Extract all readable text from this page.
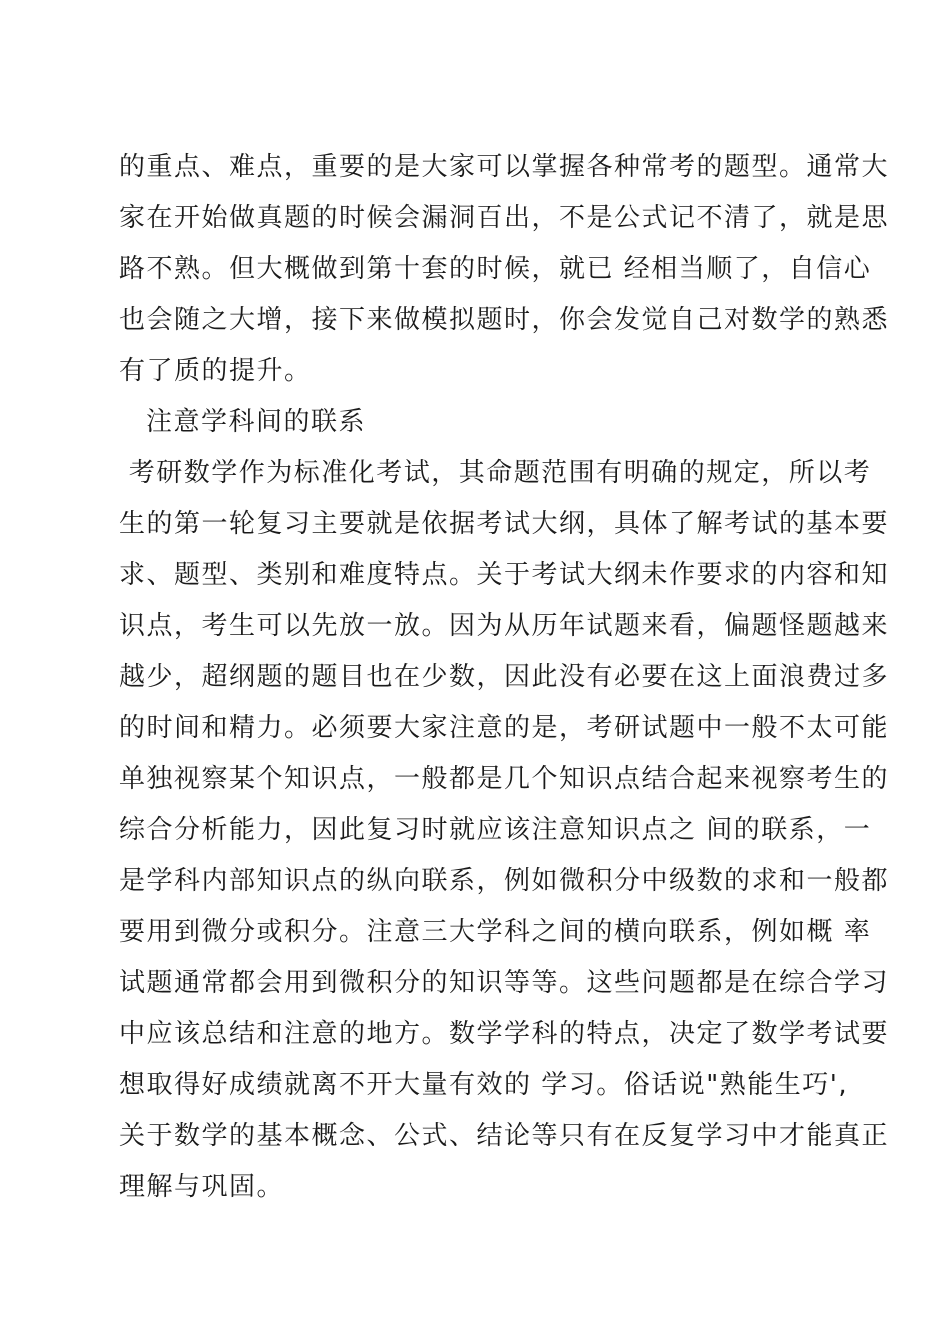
的重点、难点，重要的是大家可以掌握各种常考的题型。通常大

家在开始做真题的时候会漏洞百出，不是公式记不清了，就是思

路不熟。但大概做到第十套的时候，就已 经相当顺了，自信心

也会随之大增，接下来做模拟题时，你会发觉自己对数学的熟悉

有了质的提升。

注意学科间的联系

考研数学作为标准化考试，其命题范围有明确的规定，所以考

生的第一轮复习主要就是依据考试大纲，具体了解考试的基本要

求、题型、类别和难度特点。关于考试大纲未作要求的内容和知

识点，考生可以先放一放。因为从历年试题来看，偏题怪题越来

越少，超纲题的题目也在少数，因此没有必要在这上面浪费过多

的时间和精力。必须要大家注意的是，考研试题中一般不太可能

单独视察某个知识点，一般都是几个知识点结合起来视察考生的

综合分析能力，因此复习时就应该注意知识点之 间的联系，一

是学科内部知识点的纵向联系，例如微积分中级数的求和一般都

要用到微分或积分。注意三大学科之间的横向联系，例如概 率

试题通常都会用到微积分的知识等等。这些问题都是在综合学习

中应该总结和注意的地方。数学学科的特点，决定了数学考试要

想取得好成绩就离不开大量有效的 学习。俗话说"熟能生巧',

关于数学的基本概念、公式、结论等只有在反复学习中才能真正

理解与巩固。
